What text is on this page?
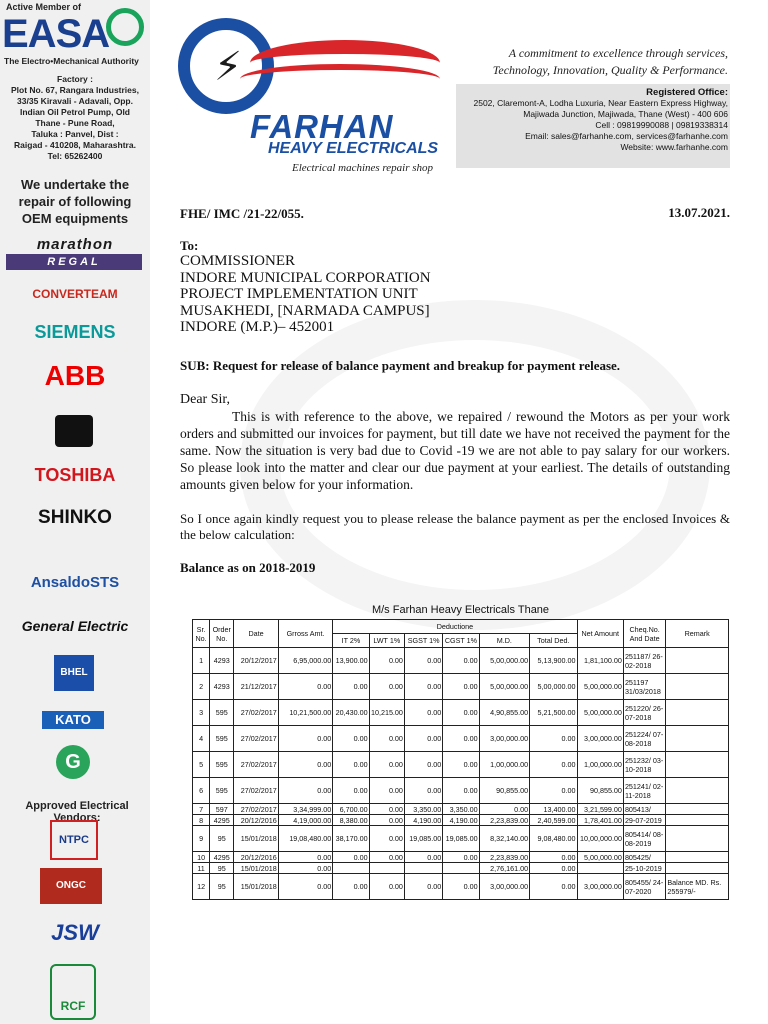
Active Member of
EASA
The Electro•Mechanical Authority
Factory :
Plot No. 67, Rangara Industries,
33/35 Kiravali - Adavali, Opp.
Indian Oil Petrol Pump, Old
Thane - Pune Road,
Taluka : Panvel, Dist :
Raigad - 410208, Maharashtra.
Tel: 65262400
We undertake the repair of following OEM equipments
marathon
REGAL
CONVERTEAM
SIEMENS
ABB
TOSHIBA
SHINKO
AnsaldoSTS
General Electric
BHEL
KATO
G
Approved Electrical Vendors:
NTPC
ONGC
JSW
RCF
⚡
FARHAN
HEAVY ELECTRICALS
Electrical machines repair shop
A commitment to excellence through services,
Technology, Innovation, Quality & Performance.
Registered Office:
2502, Claremont-A, Lodha Luxuria, Near Eastern Express Highway,
Majiwada Junction, Majiwada, Thane (West) - 400 606
Cell : 09819990088 | 09819338314
Email: sales@farhanhe.com, services@farhanhe.com
Website: www.farhanhe.com
FHE/ IMC /21-22/055.	13.07.2021.
To:
COMMISSIONER
INDORE MUNICIPAL CORPORATION
PROJECT IMPLEMENTATION UNIT
MUSAKHEDI, [NARMADA CAMPUS]
INDORE (M.P.)– 452001
SUB: Request for release of balance payment and breakup for payment release.
Dear Sir,
This is with reference to the above, we repaired / rewound the Motors as per your work orders and submitted our invoices for payment, but till date we have not received the payment for the same. Now the situation is very bad due to Covid -19 we are not able to pay salary for our workers. So please look into the matter and clear our due payment at your earliest. The details of outstanding amounts given below for your information.
So I once again kindly request you to please release the balance payment as per the enclosed Invoices & the below calculation:
Balance as on 2018-2019
M/s Farhan Heavy Electricals Thane
Sr. No.	Order No.	Date	Grross Amt.	Deductione						Net Amount	Cheq.No. And Date	Remark
				IT 2%	LWT 1%	SGST 1%	CGST 1%	M.D.	Total Ded.			
1	4293	20/12/2017	6,95,000.00	13,900.00	0.00	0.00	0.00	5,00,000.00	5,13,900.00	1,81,100.00	251187/ 26-02-2018	
2	4293	21/12/2017	0.00	0.00	0.00	0.00	0.00	5,00,000.00	5,00,000.00	5,00,000.00	251197 31/03/2018	
3	595	27/02/2017	10,21,500.00	20,430.00	10,215.00	0.00	0.00	4,90,855.00	5,21,500.00	5,00,000.00	251220/ 26-07-2018	
4	595	27/02/2017	0.00	0.00	0.00	0.00	0.00	3,00,000.00	0.00	3,00,000.00	251224/ 07-08-2018	
5	595	27/02/2017	0.00	0.00	0.00	0.00	0.00	1,00,000.00	0.00	1,00,000.00	251232/ 03-10-2018	
6	595	27/02/2017	0.00	0.00	0.00	0.00	0.00	90,855.00	0.00	90,855.00	251241/ 02-11-2018	
7	597	27/02/2017	3,34,999.00	6,700.00	0.00	3,350.00	3,350.00	0.00	13,400.00	3,21,599.00	805413/	
8	4295	20/12/2016	4,19,000.00	8,380.00	0.00	4,190.00	4,190.00	2,23,839.00	2,40,599.00	1,78,401.00	29-07-2019	
9	95	15/01/2018	19,08,480.00	38,170.00	0.00	19,085.00	19,085.00	8,32,140.00	9,08,480.00	10,00,000.00	805414/ 08-08-2019	
10	4295	20/12/2016	0.00	0.00	0.00	0.00	0.00	2,23,839.00	0.00	5,00,000.00	805425/	
11	95	15/01/2018	0.00					2,76,161.00	0.00		25-10-2019	
12	95	15/01/2018	0.00	0.00	0.00	0.00	0.00	3,00,000.00	0.00	3,00,000.00	805455/ 24-07-2020	Balance MD. Rs. 255979/-
